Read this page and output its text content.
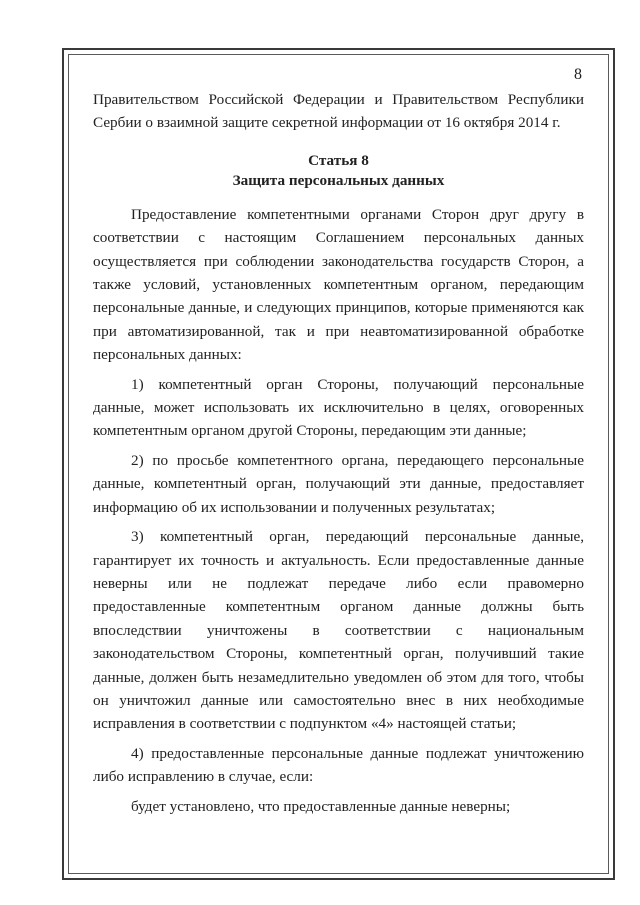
8

Правительством Российской Федерации и Правительством Республики Сербии о взаимной защите секретной информации от 16 октября 2014 г.

Статья 8
Защита персональных данных

Предоставление компетентными органами Сторон друг другу в соответствии с настоящим Соглашением персональных данных осуществляется при соблюдении законодательства государств Сторон, а также условий, установленных компетентным органом, передающим персональные данные, и следующих принципов, которые применяются как при автоматизированной, так и при неавтоматизированной обработке персональных данных:

1) компетентный орган Стороны, получающий персональные данные, может использовать их исключительно в целях, оговоренных компетентным органом другой Стороны, передающим эти данные;

2) по просьбе компетентного органа, передающего персональные данные, компетентный орган, получающий эти данные, предоставляет информацию об их использовании и полученных результатах;

3) компетентный орган, передающий персональные данные, гарантирует их точность и актуальность. Если предоставленные данные неверны или не подлежат передаче либо если правомерно предоставленные компетентным органом данные должны быть впоследствии уничтожены в соответствии с национальным законодательством Стороны, компетентный орган, получивший такие данные, должен быть незамедлительно уведомлен об этом для того, чтобы он уничтожил данные или самостоятельно внес в них необходимые исправления в соответствии с подпунктом «4» настоящей статьи;

4) предоставленные персональные данные подлежат уничтожению либо исправлению в случае, если:

будет установлено, что предоставленные данные неверны;
